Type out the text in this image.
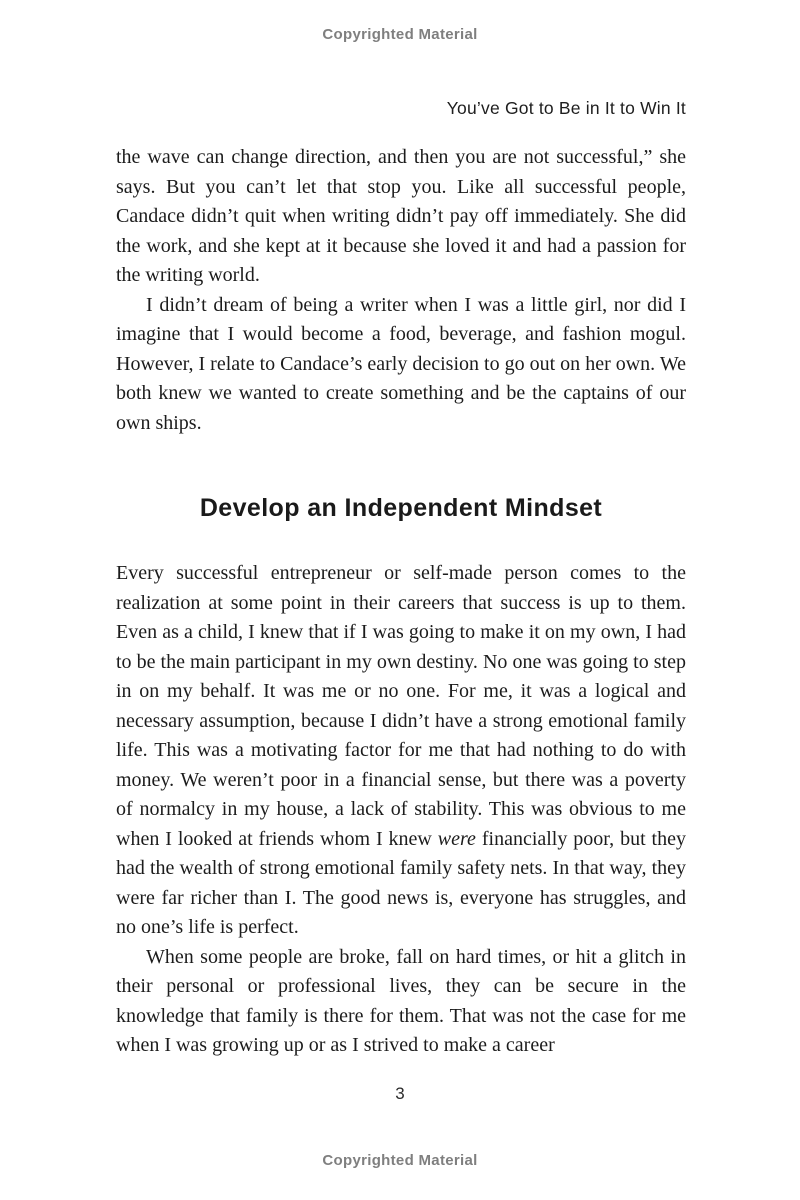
Copyrighted Material
You’ve Got to Be in It to Win It

the wave can change direction, and then you are not successful,” she says. But you can’t let that stop you. Like all successful people, Candace didn’t quit when writing didn’t pay off immediately. She did the work, and she kept at it because she loved it and had a passion for the writing world.

I didn’t dream of being a writer when I was a little girl, nor did I imagine that I would become a food, beverage, and fashion mogul. However, I relate to Candace’s early decision to go out on her own. We both knew we wanted to create something and be the captains of our own ships.

Develop an Independent Mindset

Every successful entrepreneur or self-made person comes to the realization at some point in their careers that success is up to them. Even as a child, I knew that if I was going to make it on my own, I had to be the main participant in my own destiny. No one was going to step in on my behalf. It was me or no one. For me, it was a logical and necessary assumption, because I didn’t have a strong emotional family life. This was a motivating factor for me that had nothing to do with money. We weren’t poor in a financial sense, but there was a poverty of normalcy in my house, a lack of stability. This was obvious to me when I looked at friends whom I knew were financially poor, but they had the wealth of strong emotional family safety nets. In that way, they were far richer than I. The good news is, everyone has struggles, and no one’s life is perfect.

When some people are broke, fall on hard times, or hit a glitch in their personal or professional lives, they can be secure in the knowledge that family is there for them. That was not the case for me when I was growing up or as I strived to make a career

3
Copyrighted Material
